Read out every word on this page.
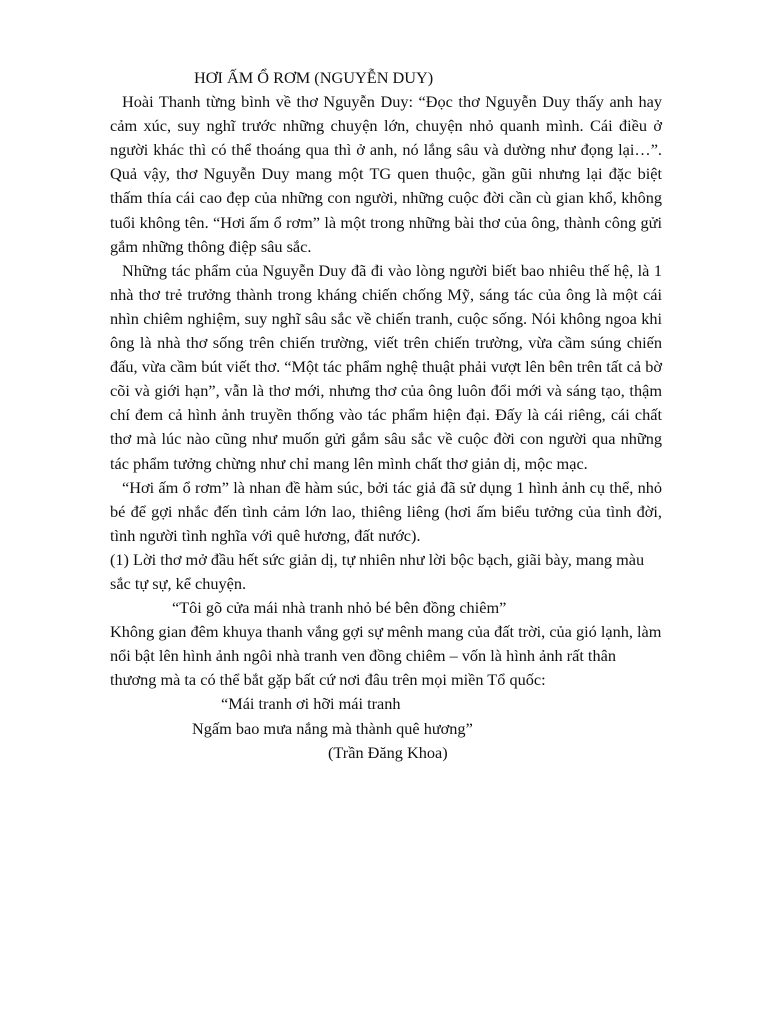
HƠI ẤM Ổ RƠM (NGUYỄN DUY)

Hoài Thanh từng bình về thơ Nguyễn Duy: “Đọc thơ Nguyễn Duy thấy anh hay cảm xúc, suy nghĩ trước những chuyện lớn, chuyện nhỏ quanh mình. Cái điều ở người khác thì có thể thoáng qua thì ở anh, nó lắng sâu và dường như đọng lại…”. Quả vậy, thơ Nguyễn Duy mang một TG quen thuộc, gần gũi nhưng lại đặc biệt thấm thía cái cao đẹp của những con người, những cuộc đời cần cù gian khổ, không tuổi không tên. “Hơi ấm ổ rơm” là một trong những bài thơ của ông, thành công gửi gắm những thông điệp sâu sắc.

Những tác phẩm của Nguyễn Duy đã đi vào lòng người biết bao nhiêu thế hệ, là 1 nhà thơ trẻ trưởng thành trong kháng chiến chống Mỹ, sáng tác của ông là một cái nhìn chiêm nghiệm, suy nghĩ sâu sắc về chiến tranh, cuộc sống. Nói không ngoa khi ông là nhà thơ sống trên chiến trường, viết trên chiến trường, vừa cầm súng chiến đấu, vừa cầm bút viết thơ. “Một tác phẩm nghệ thuật phải vượt lên bên trên tất cả bờ cõi và giới hạn”, vẫn là thơ mới, nhưng thơ của ông luôn đổi mới và sáng tạo, thậm chí đem cả hình ảnh truyền thống vào tác phẩm hiện đại. Đấy là cái riêng, cái chất thơ mà lúc nào cũng như muốn gửi gắm sâu sắc về cuộc đời con người qua những tác phẩm tưởng chừng như chỉ mang lên mình chất thơ giản dị, mộc mạc.

“Hơi ấm ổ rơm” là nhan đề hàm súc, bởi tác giả đã sử dụng 1 hình ảnh cụ thể, nhỏ bé để gợi nhắc đến tình cảm lớn lao, thiêng liêng (hơi ấm biểu tưởng của tình đời, tình người tình nghĩa với quê hương, đất nước).

(1) Lời thơ mở đầu hết sức giản dị, tự nhiên như lời bộc bạch, giãi bày, mang màu sắc tự sự, kể chuyện.

“Tôi gõ cửa mái nhà tranh nhỏ bé bên đồng chiêm”

Không gian đêm khuya thanh vắng gợi sự mênh mang của đất trời, của gió lạnh, làm nổi bật lên hình ảnh ngôi nhà tranh ven đồng chiêm – vốn là hình ảnh rất thân thương mà ta có thể bắt gặp bất cứ nơi đâu trên mọi miền Tổ quốc:

“Mái tranh ơi hỡi mái tranh

Ngấm bao mưa nắng mà thành quê hương”

(Trần Đăng Khoa)
